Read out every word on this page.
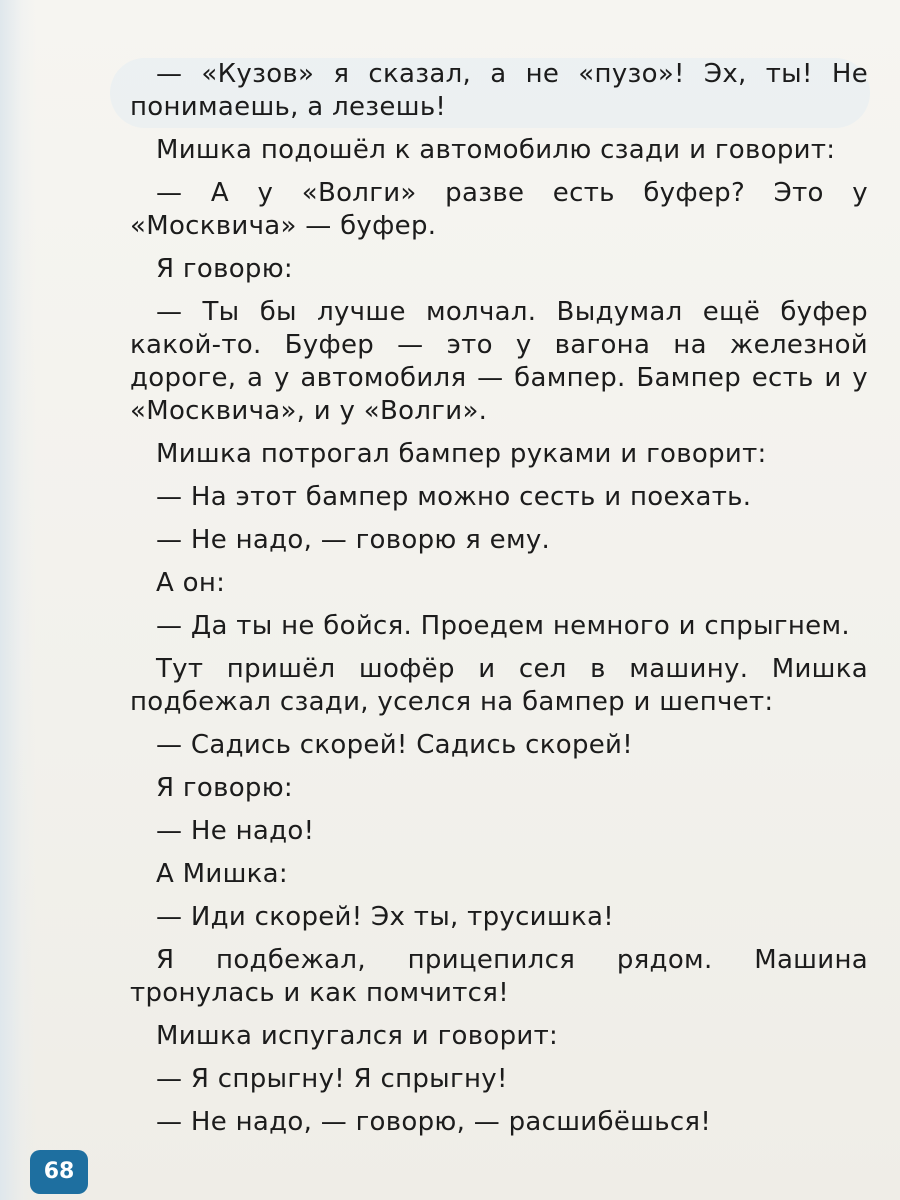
— «Кузов» я сказал, а не «пузо»! Эх, ты! Не понимаешь, а лезешь!

Мишка подошёл к автомобилю сзади и говорит:

— А у «Волги» разве есть буфер? Это у «Москвича» — буфер.

Я говорю:

— Ты бы лучше молчал. Выдумал ещё буфер какой-то. Буфер — это у вагона на железной дороге, а у автомобиля — бампер. Бампер есть и у «Москвича», и у «Волги».

Мишка потрогал бампер руками и говорит:

— На этот бампер можно сесть и поехать.

— Не надо, — говорю я ему.

А он:

— Да ты не бойся. Проедем немного и спрыгнем.

Тут пришёл шофёр и сел в машину. Мишка подбежал сзади, уселся на бампер и шепчет:

— Садись скорей! Садись скорей!

Я говорю:

— Не надо!

А Мишка:

— Иди скорей! Эх ты, трусишка!

Я подбежал, прицепился рядом. Машина тронулась и как помчится!

Мишка испугался и говорит:

— Я спрыгну! Я спрыгну!

— Не надо, — говорю, — расшибёшься!

68
